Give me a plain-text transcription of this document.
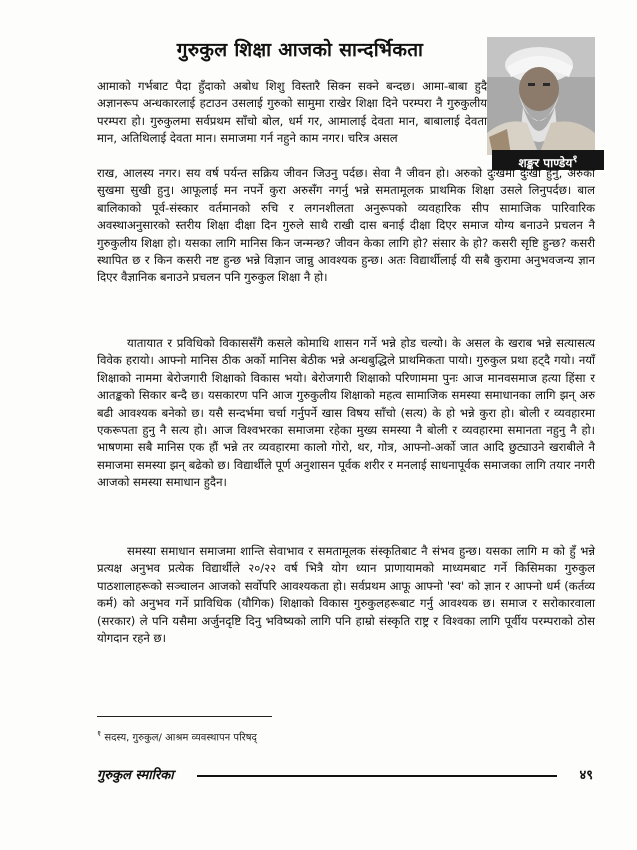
गुरुकुल शिक्षा आजको सान्दर्भिकता
शङ्कर पाण्डेय$^१$

आमाको गर्भबाट पैदा हुँदाको अबोध शिशु विस्तारै सिक्न सक्ने बन्दछ। आमा-बाबा हुदै अज्ञानरूप अन्धकारलाई हटाउन उसलाई गुरुको सामुमा राखेर शिक्षा दिने परम्परा नै गुरुकुलीय परम्परा हो। गुरुकुलमा सर्वप्रथम साँचो बोल, धर्म गर, आमालाई देवता मान, बाबालाई देवता मान, अतिथिलाई देवता मान। समाजमा गर्न नहुने काम नगर। चरित्र असल

राख, आलस्य नगर। सय वर्ष पर्यन्त सक्रिय जीवन जिउनु पर्दछ। सेवा नै जीवन हो। अरुको दुःखमा दुःखी हुनु, अरुको सुखमा सुखी हुनु। आफूलाई मन नपर्ने कुरा अरुसँग नगर्नु भन्ने समतामूलक प्राथमिक शिक्षा उसले लिनुपर्दछ। बाल बालिकाको पूर्व-संस्कार वर्तमानको रुचि र लगनशीलता अनुरूपको व्यवहारिक सीप सामाजिक पारिवारिक अवस्थाअनुसारको स्तरीय शिक्षा दीक्षा दिन गुरुले साथै राखी दास बनाई दीक्षा दिएर समाज योग्य बनाउने प्रचलन नै गुरुकुलीय शिक्षा हो। यसका लागि मानिस किन जन्मन्छ? जीवन केका लागि हो? संसार के हो? कसरी सृष्टि हुन्छ? कसरी स्थापित छ र किन कसरी नष्ट हुन्छ भन्ने विज्ञान जान्नु आवश्यक हुन्छ। अतः विद्यार्थीलाई यी सबै कुरामा अनुभवजन्य ज्ञान दिएर वैज्ञानिक बनाउने प्रचलन पनि गुरुकुल शिक्षा नै हो।

यातायात र प्रविधिको विकाससँगै कसले कोमाथि शासन गर्ने भन्ने होड चल्यो। के असल के खराब भन्ने सत्यासत्य विवेक हरायो। आफ्नो मानिस ठीक अर्को मानिस बेठीक भन्ने अन्धबुद्धिले प्राथमिकता पायो। गुरुकुल प्रथा हट्दै गयो। नयाँ शिक्षाको नाममा बेरोजगारी शिक्षाको विकास भयो। बेरोजगारी शिक्षाको परिणाममा पुनः आज मानवसमाज हत्या हिंसा र आतङ्कको सिकार बन्दै छ। यसकारण पनि आज गुरुकुलीय शिक्षाको महत्व सामाजिक समस्या समाधानका लागि झन् अरु बढी आवश्यक बनेको छ। यसै सन्दर्भमा चर्चा गर्नुपर्ने खास विषय साँचो (सत्य) के हो भन्ने कुरा हो। बोली र व्यवहारमा एकरूपता हुनु नै सत्य हो। आज विश्वभरका समाजमा रहेका मुख्य समस्या नै बोली र व्यवहारमा समानता नहुनु नै हो। भाषणमा सबै मानिस एक हौं भन्ने तर व्यवहारमा कालो गोरो, थर, गोत्र, आफ्नो-अर्को जात आदि छुट्याउने खराबीले नै समाजमा समस्या झन् बढेको छ। विद्यार्थीले पूर्ण अनुशासन पूर्वक शरीर र मनलाई साधनापूर्वक समाजका लागि तयार नगरी आजको समस्या समाधान हुदैन।

समस्या समाधान समाजमा शान्ति सेवाभाव र समतामूलक संस्कृतिबाट नै संभव हुन्छ। यसका लागि म को हुँ भन्ने प्रत्यक्ष अनुभव प्रत्येक विद्यार्थीले २०/२२ वर्ष भित्रै योग ध्यान प्राणायामको माध्यमबाट गर्ने किसिमका गुरुकुल पाठशालाहरूको सञ्चालन आजको सर्वोपरि आवश्यकता हो। सर्वप्रथम आफू आफ्नो 'स्व' को ज्ञान र आफ्नो धर्म (कर्तव्य कर्म) को अनुभव गर्ने प्राविधिक (यौगिक) शिक्षाको विकास गुरुकुलहरूबाट गर्नु आवश्यक छ। समाज र सरोकारवाला (सरकार) ले पनि यसैमा अर्जुनदृष्टि दिनु भविष्यको लागि पनि हाम्रो संस्कृति राष्ट्र र विश्वका लागि पूर्वीय परम्पराको ठोस योगदान रहने छ।

$^१$ सदस्य, गुरुकुल/ आश्रम व्यवस्थापन परिषद्
गुरुकुल स्मारिका	४९
